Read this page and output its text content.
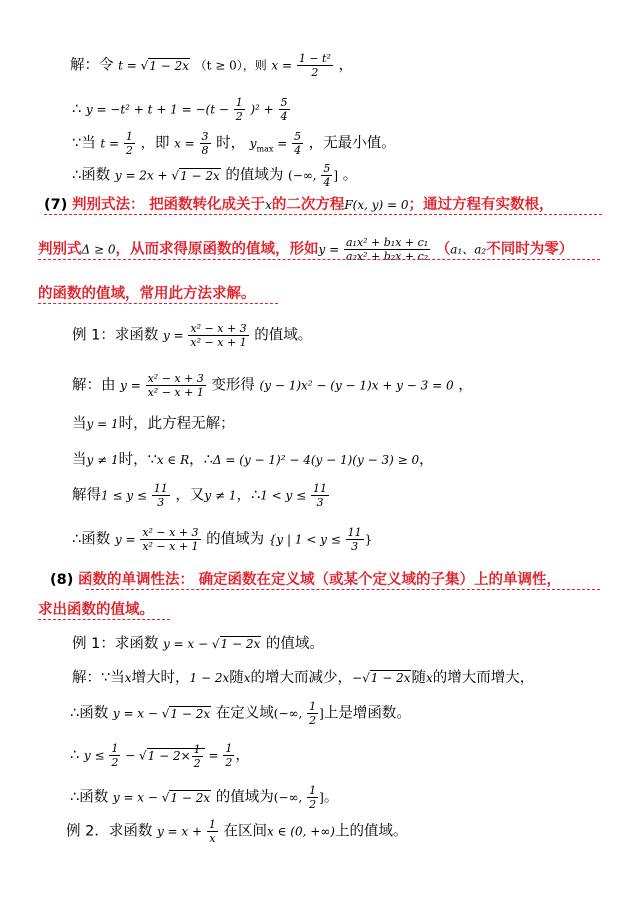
解：令 t = √1 − 2x （t ≥ 0），则 $x = \frac{\text{1 − t²}}{2}$ ，
∴ $y = -t^2 + t + 1 = -(t - \frac{1}{2} )^2 + \frac{5}{4}$
∵当 $t = \frac{1}{2}$ ，即 $x = \frac{3}{8}$ 时， $y_{max} = \frac{5}{4}$ ，无最小值。
∴函数 y = 2x + √1 − 2x 的值域为 (−∞, $\frac{5}{4}$ ] 。
(7) 判别式法： 把函数转化成关于x的二次方程F(x, y) = 0；通过方程有实数根，
判别式Δ ≥ 0，从而求得原函数的值域，形如$y = \frac{\text{a₁x² + b₁x + c₁}}{\text{a₂x² + b₂x + c₂}} (a_1$、a₂不同时为零）
的函数的值域，常用此方法求解。
例 1：求函数 $y = \frac{\text{x² − x + 3}}{\text{x² − x + 1}}$ 的值域。
解：由 $y = \frac{\text{x² − x + 3}}{\text{x² − x + 1}}$ 变形得 (y − 1)x² − (y − 1)x + y − 3 = 0 ，
当y = 1时，此方程无解；
当y ≠ 1时，∵x ∈ R，∴Δ = (y − 1)² − 4(y − 1)(y − 3) ≥ 0，
解得$1 \le y \le \frac{11}{3}$ ，又y ≠ 1，∴1 < $y \le \frac{11}{3}$
∴函数 $y = \frac{\text{x² − x + 3}}{\text{x² − x + 1}}$ 的值域为 {y | $1 < y \le \frac{11}{3}$ }
(8) 函数的单调性法： 确定函数在定义域（或某个定义域的子集）上的单调性，
求出函数的值域。
例 1：求函数 y = x − √1 − 2x 的值域。
解：∵当x增大时，1 − 2x随x的增大而减少，−√1 − 2x随x的增大而增大，
∴函数 y = x − √1 − 2x 在定义域(−∞, $\frac{1}{2}$ ]上是增函数。
∴ $y \le \frac{1}{2} - √1 - 2\times \frac{1}{2} = \frac{1}{2}$ ，
∴函数 y = x − √1 − 2x 的值域为(−∞, $\frac{1}{2}$ ]。
例 2．求函数 $y = x + \frac{1}{x}$ 在区间x ∈ (0, +∞)上的值域。
